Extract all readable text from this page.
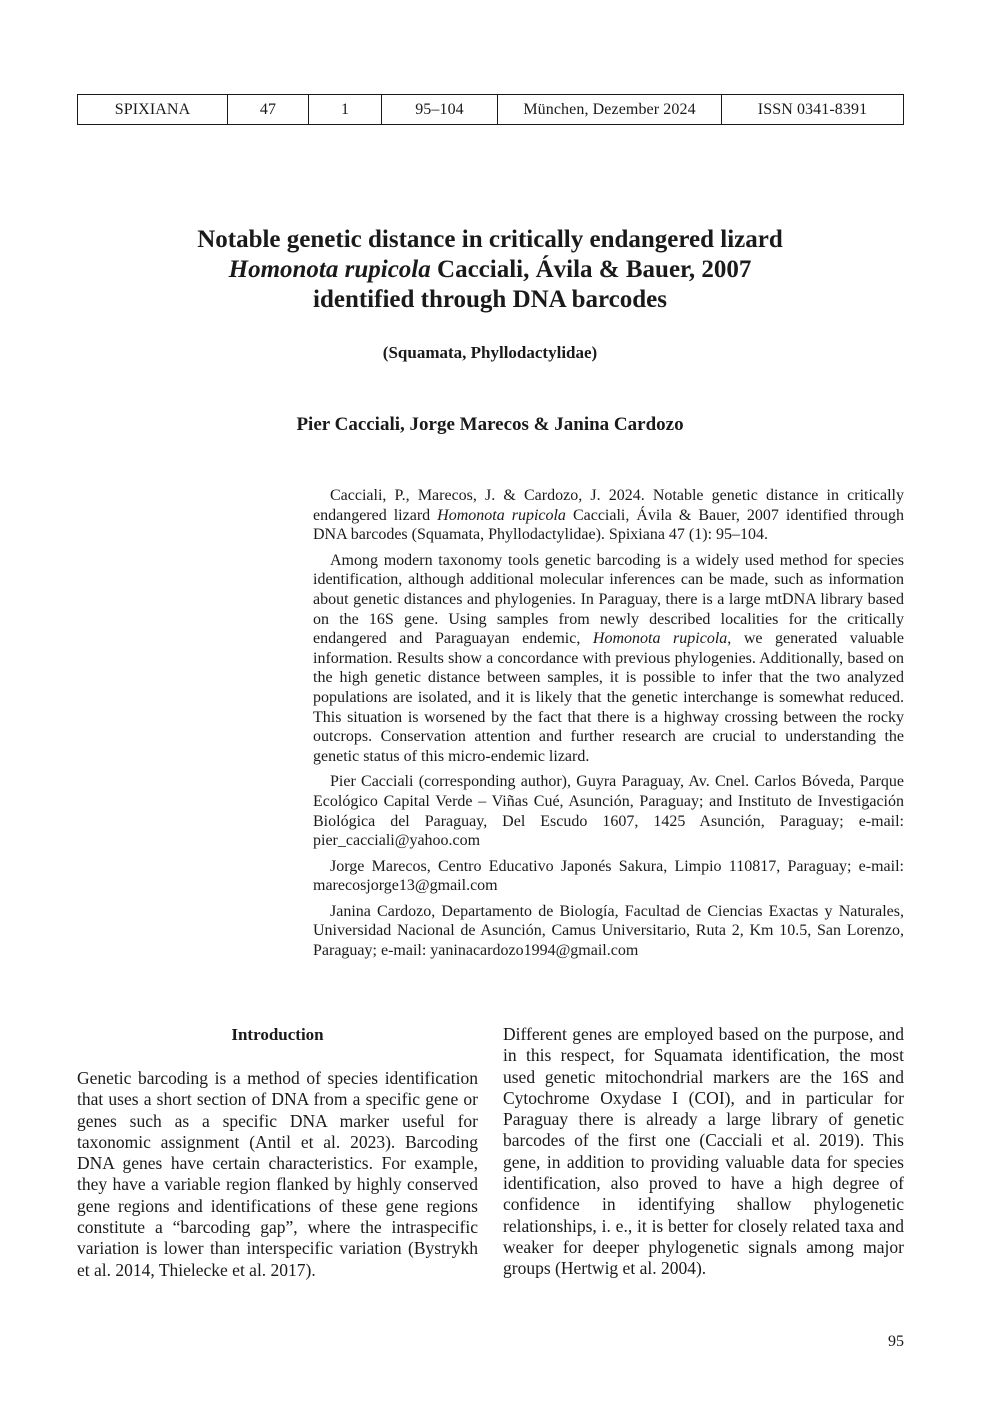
SPIXIANA	47	1	95–104	München, Dezember 2024	ISSN 0341-8391
Notable genetic distance in critically endangered lizard
Homonota rupicola Cacciali, Ávila & Bauer, 2007
identified through DNA barcodes
(Squamata, Phyllodactylidae)
Pier Cacciali, Jorge Marecos & Janina Cardozo

Cacciali, P., Marecos, J. & Cardozo, J. 2024. Notable genetic distance in critically endangered lizard Homonota rupicola Cacciali, Ávila & Bauer, 2007 identified through DNA barcodes (Squamata, Phyllodactylidae). Spixiana 47 (1): 95–104.

Among modern taxonomy tools genetic barcoding is a widely used method for species identification, although additional molecular inferences can be made, such as information about genetic distances and phylogenies. In Paraguay, there is a large mtDNA library based on the 16S gene. Using samples from newly described localities for the critically endangered and Paraguayan endemic, Homonota rupicola, we generated valuable information. Results show a concordance with previous phylogenies. Additionally, based on the high genetic distance between samples, it is possible to infer that the two analyzed populations are isolated, and it is likely that the genetic interchange is somewhat reduced. This situation is worsened by the fact that there is a highway crossing between the rocky outcrops. Conservation attention and further research are crucial to understanding the genetic status of this micro-endemic lizard.

Pier Cacciali (corresponding author), Guyra Paraguay, Av. Cnel. Carlos Bóveda, Parque Ecológico Capital Verde – Viñas Cué, Asunción, Paraguay; and Instituto de Investigación Biológica del Paraguay, Del Escudo 1607, 1425 Asunción, Paraguay; e-mail: pier_cacciali@yahoo.com

Jorge Marecos, Centro Educativo Japonés Sakura, Limpio 110817, Paraguay; e-mail: marecosjorge13@gmail.com

Janina Cardozo, Departamento de Biología, Facultad de Ciencias Exactas y Naturales, Universidad Nacional de Asunción, Camus Universitario, Ruta 2, Km 10.5, San Lorenzo, Paraguay; e-mail: yaninacardozo1994@gmail.com

Introduction

Genetic barcoding is a method of species identification that uses a short section of DNA from a specific gene or genes such as a specific DNA marker useful for taxonomic assignment (Antil et al. 2023). Barcoding DNA genes have certain characteristics. For example, they have a variable region flanked by highly conserved gene regions and identifications of these gene regions constitute a “barcoding gap”, where the intraspecific variation is lower than interspecific variation (Bystrykh et al. 2014, Thielecke et al. 2017).

Different genes are employed based on the purpose, and in this respect, for Squamata identification, the most used genetic mitochondrial markers are the 16S and Cytochrome Oxydase I (COI), and in particular for Paraguay there is already a large library of genetic barcodes of the first one (Cacciali et al. 2019). This gene, in addition to providing valuable data for species identification, also proved to have a high degree of confidence in identifying shallow phylogenetic relationships, i. e., it is better for closely related taxa and weaker for deeper phylogenetic signals among major groups (Hertwig et al. 2004).

95
